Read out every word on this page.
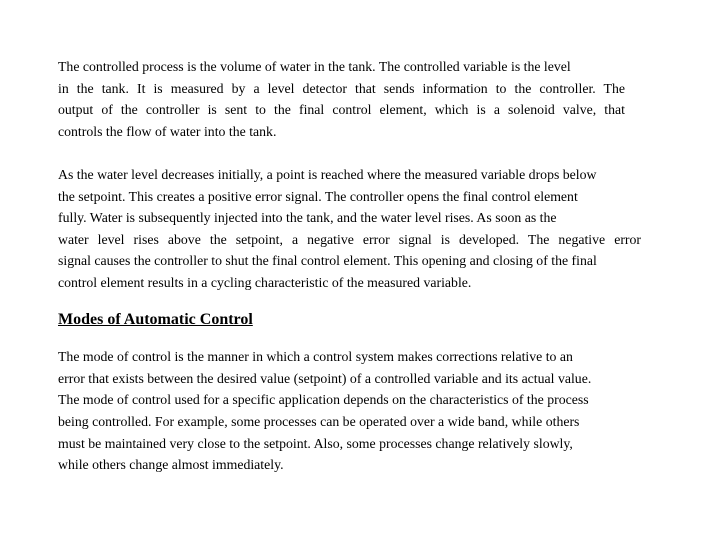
The controlled process is the volume of water in the tank. The controlled variable is the level
in the tank. It is measured by a level detector that sends information to the controller. The
output of the controller is sent to the final control element, which is a solenoid valve, that
controls the flow of water into the tank.
As the water level decreases initially, a point is reached where the measured variable drops below
the setpoint. This creates a positive error signal. The controller opens the final control element
fully. Water is subsequently injected into the tank, and the water level rises. As soon as the
water level rises above the setpoint, a negative error signal is developed. The negative error
signal causes the controller to shut the final control element. This opening and closing of the final
control element results in a cycling characteristic of the measured variable.
Modes of Automatic Control
The mode of control is the manner in which a control system makes corrections relative to an
error that exists between the desired value (setpoint) of a controlled variable and its actual value.
The mode of control used for a specific application depends on the characteristics of the process
being controlled. For example, some processes can be operated over a wide band, while others
must be maintained very close to the setpoint. Also, some processes change relatively slowly,
while others change almost immediately.
